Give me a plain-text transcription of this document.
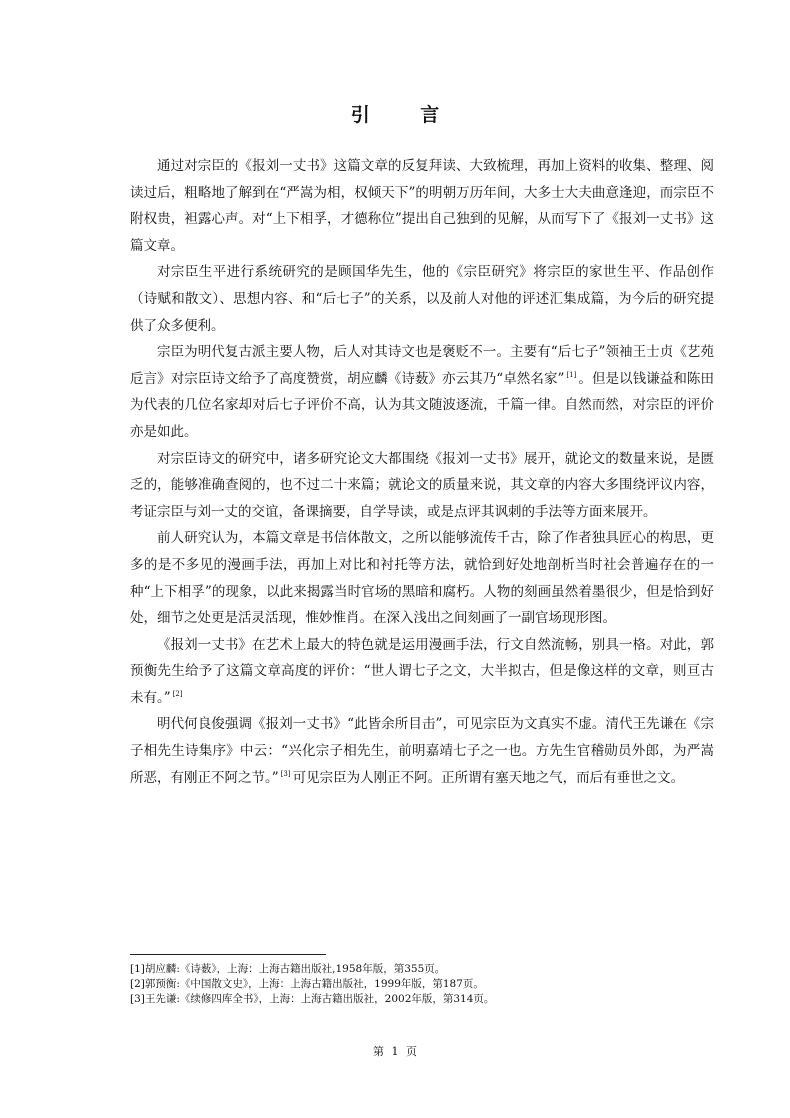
引 言

通过对宗臣的《报刘一丈书》这篇文章的反复拜读、大致梳理，再加上资料的收集、整理、阅读过后，粗略地了解到在“严嵩为相，权倾天下”的明朝万历年间，大多士大夫曲意逢迎，而宗臣不附权贵，袒露心声。对“上下相孚，才德称位”提出自己独到的见解，从而写下了《报刘一丈书》这篇文章。

对宗臣生平进行系统研究的是顾国华先生，他的《宗臣研究》将宗臣的家世生平、作品创作（诗赋和散文）、思想内容、和“后七子”的关系，以及前人对他的评述汇集成篇，为今后的研究提供了众多便利。

宗臣为明代复古派主要人物，后人对其诗文也是褒贬不一。主要有“后七子”领袖王士贞《艺苑卮言》对宗臣诗文给予了高度赞赏，胡应麟《诗薮》亦云其乃“卓然名家” [1] 。但是以钱谦益和陈田为代表的几位名家却对后七子评价不高，认为其文随波逐流，千篇一律。自然而然，对宗臣的评价亦是如此。

对宗臣诗文的研究中，诸多研究论文大都围绕《报刘一丈书》展开，就论文的数量来说，是匮乏的，能够准确查阅的，也不过二十来篇；就论文的质量来说，其文章的内容大多围绕评议内容，考证宗臣与刘一丈的交谊，备课摘要，自学导读，或是点评其讽刺的手法等方面来展开。

前人研究认为，本篇文章是书信体散文，之所以能够流传千古，除了作者独具匠心的构思，更多的是不多见的漫画手法，再加上对比和衬托等方法，就恰到好处地剖析当时社会普遍存在的一种“上下相孚”的现象，以此来揭露当时官场的黑暗和腐朽。人物的刻画虽然着墨很少，但是恰到好处，细节之处更是活灵活现，惟妙惟肖。在深入浅出之间刻画了一副官场现形图。

《报刘一丈书》在艺术上最大的特色就是运用漫画手法，行文自然流畅，别具一格。对此，郭预衡先生给予了这篇文章高度的评价：“世人谓七子之文，大半拟古，但是像这样的文章，则亘古未有。” [2]

明代何良俊强调《报刘一丈书》“此皆余所目击”，可见宗臣为文真实不虚。清代王先谦在《宗子相先生诗集序》中云：“兴化宗子相先生，前明嘉靖七子之一也。方先生官稽勋员外郎，为严嵩所恶，有刚正不阿之节。” [3] 可见宗臣为人刚正不阿。正所谓有塞天地之气，而后有垂世之文。

[1]胡应麟:《诗薮》，上海：上海古籍出版社,1958年版，第355页。

[2]郭预衡:《中国散文史》，上海：上海古籍出版社，1999年版，第187页。

[3]王先谦:《续修四库全书》，上海：上海古籍出版社，2002年版，第314页。

第 1 页
